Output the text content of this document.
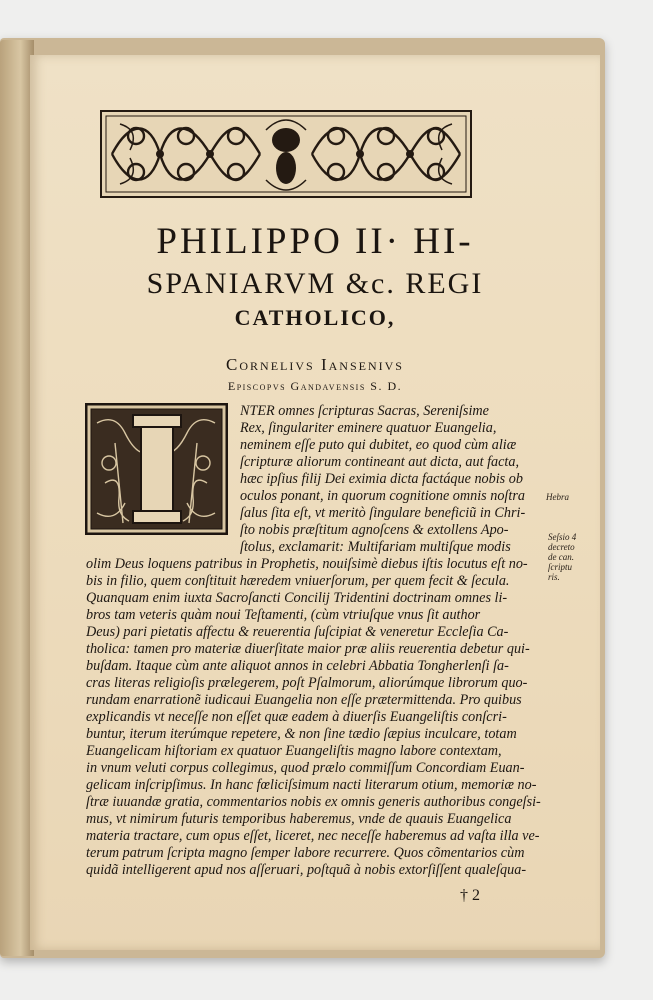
PHILIPPO II· HI-
SPANIARVM &c. REGI
CATHOLICO,
Cornelivs Iansenivs
Episcopvs Gandavensis S. D.
NTER omnes ſcripturas Sacras, Sereniſsime
Rex, ſingulariter eminere quatuor Euangelia,
neminem eſſe puto qui dubitet, eo quod cùm aliæ
ſcripturæ aliorum contineant aut dicta, aut facta,
hæc ipſius filij Dei eximia dicta factáque nobis ob
oculos ponant, in quorum cognitione omnis noſtra
ſalus ſita eſt, vt meritò ſingulare beneficiũ in Chri-
ſto nobis præſtitum agnoſcens & extollens Apo-
ſtolus, exclamarit: Multifariam multiſque modis
olim Deus loquens patribus in Prophetis, nouiſsimè diebus iſtis locutus eſt no-
bis in filio, quem conſtituit hæredem vniuerſorum, per quem fecit & ſecula.
Quanquam enim iuxta Sacroſancti Concilij Tridentini doctrinam omnes li-
bros tam veteris quàm noui Teſtamenti, (cùm vtriuſque vnus ſit author
Deus) pari pietatis affectu & reuerentia ſuſcipiat & veneretur Eccleſia Ca-
tholica: tamen pro materiæ diuerſitate maior præ aliis reuerentia debetur qui-
buſdam. Itaque cùm ante aliquot annos in celebri Abbatia Tongherlenſi ſa-
cras literas religioſis prælegerem, poſt Pſalmorum, aliorúmque librorum quo-
rundam enarrationẽ iudicaui Euangelia non eſſe prætermittenda. Pro quibus
explicandis vt neceſſe non eſſet quæ eadem à diuerſis Euangeliſtis conſcri-
buntur, iterum iterúmque repetere, & non ſine tædio ſæpius inculcare, totam
Euangelicam hiſtoriam ex quatuor Euangeliſtis magno labore contextam,
in vnum veluti corpus collegimus, quod prælo commiſſum Concordiam Euan-
gelicam inſcripſimus. In hanc fœliciſsimum nacti literarum otium, memoriæ no-
ſtræ iuuandæ gratia, commentarios nobis ex omnis generis authoribus congeſsi-
mus, vt nimirum futuris temporibus haberemus, vnde de quauis Euangelica
materia tractare, cum opus eſſet, liceret, nec neceſſe haberemus ad vaſta illa ve-
terum patrum ſcripta magno ſemper labore recurrere. Quos cõmentarios cùm
quidã intelligerent apud nos aſſeruari, poſtquã à nobis extorſiſſent qualeſqua-
Hebra
Seſsio 4
decreto
de can.
ſcriptu
ris.
† 2
